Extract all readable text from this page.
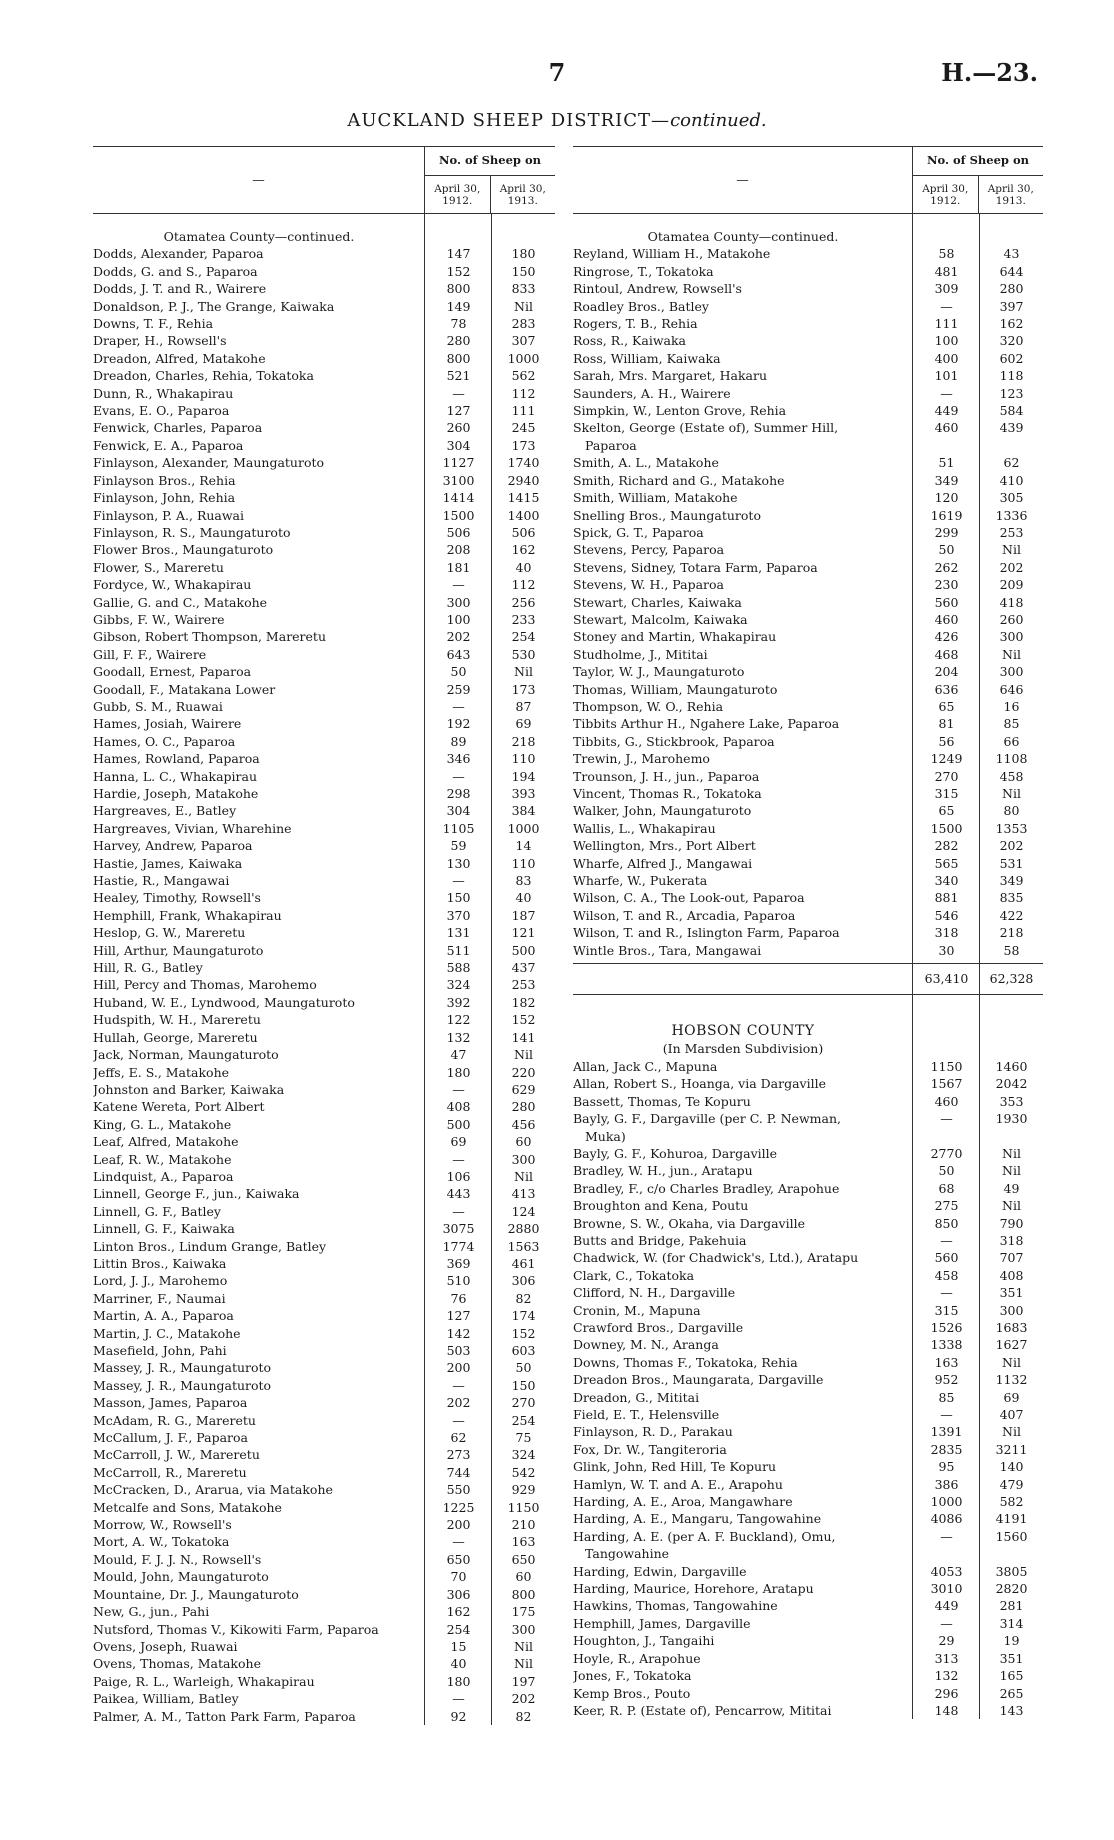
7	H.—23.
AUCKLAND SHEEP DISTRICT—continued.
—
No. of Sheep on
April 30, 1912.
April 30, 1913.
Otamatea County—continued.
Dodds, Alexander, Paparoa	147	180
Dodds, G. and S., Paparoa	152	150
Dodds, J. T. and R., Wairere	800	833
Donaldson, P. J., The Grange, Kaiwaka	149	Nil
Downs, T. F., Rehia	78	283
Draper, H., Rowsell's	280	307
Dreadon, Alfred, Matakohe	800	1000
Dreadon, Charles, Rehia, Tokatoka	521	562
Dunn, R., Whakapirau	—	112
Evans, E. O., Paparoa	127	111
Fenwick, Charles, Paparoa	260	245
Fenwick, E. A., Paparoa	304	173
Finlayson, Alexander, Maungaturoto	1127	1740
Finlayson Bros., Rehia	3100	2940
Finlayson, John, Rehia	1414	1415
Finlayson, P. A., Ruawai	1500	1400
Finlayson, R. S., Maungaturoto	506	506
Flower Bros., Maungaturoto	208	162
Flower, S., Mareretu	181	40
Fordyce, W., Whakapirau	—	112
Gallie, G. and C., Matakohe	300	256
Gibbs, F. W., Wairere	100	233
Gibson, Robert Thompson, Mareretu	202	254
Gill, F. F., Wairere	643	530
Goodall, Ernest, Paparoa	50	Nil
Goodall, F., Matakana Lower	259	173
Gubb, S. M., Ruawai	—	87
Hames, Josiah, Wairere	192	69
Hames, O. C., Paparoa	89	218
Hames, Rowland, Paparoa	346	110
Hanna, L. C., Whakapirau	—	194
Hardie, Joseph, Matakohe	298	393
Hargreaves, E., Batley	304	384
Hargreaves, Vivian, Wharehine	1105	1000
Harvey, Andrew, Paparoa	59	14
Hastie, James, Kaiwaka	130	110
Hastie, R., Mangawai	—	83
Healey, Timothy, Rowsell's	150	40
Hemphill, Frank, Whakapirau	370	187
Heslop, G. W., Mareretu	131	121
Hill, Arthur, Maungaturoto	511	500
Hill, R. G., Batley	588	437
Hill, Percy and Thomas, Marohemo	324	253
Huband, W. E., Lyndwood, Maungaturoto	392	182
Hudspith, W. H., Mareretu	122	152
Hullah, George, Mareretu	132	141
Jack, Norman, Maungaturoto	47	Nil
Jeffs, E. S., Matakohe	180	220
Johnston and Barker, Kaiwaka	—	629
Katene Wereta, Port Albert	408	280
King, G. L., Matakohe	500	456
Leaf, Alfred, Matakohe	69	60
Leaf, R. W., Matakohe	—	300
Lindquist, A., Paparoa	106	Nil
Linnell, George F., jun., Kaiwaka	443	413
Linnell, G. F., Batley	—	124
Linnell, G. F., Kaiwaka	3075	2880
Linton Bros., Lindum Grange, Batley	1774	1563
Littin Bros., Kaiwaka	369	461
Lord, J. J., Marohemo	510	306
Marriner, F., Naumai	76	82
Martin, A. A., Paparoa	127	174
Martin, J. C., Matakohe	142	152
Masefield, John, Pahi	503	603
Massey, J. R., Maungaturoto	200	50
Massey, J. R., Maungaturoto	—	150
Masson, James, Paparoa	202	270
McAdam, R. G., Mareretu	—	254
McCallum, J. F., Paparoa	62	75
McCarroll, J. W., Mareretu	273	324
McCarroll, R., Mareretu	744	542
McCracken, D., Ararua, via Matakohe	550	929
Metcalfe and Sons, Matakohe	1225	1150
Morrow, W., Rowsell's	200	210
Mort, A. W., Tokatoka	—	163
Mould, F. J. J. N., Rowsell's	650	650
Mould, John, Maungaturoto	70	60
Mountaine, Dr. J., Maungaturoto	306	800
New, G., jun., Pahi	162	175
Nutsford, Thomas V., Kikowiti Farm, Paparoa	254	300
Ovens, Joseph, Ruawai	15	Nil
Ovens, Thomas, Matakohe	40	Nil
Paige, R. L., Warleigh, Whakapirau	180	197
Paikea, William, Batley	—	202
Palmer, A. M., Tatton Park Farm, Paparoa	92	82
—
No. of Sheep on
April 30, 1912.
April 30, 1913.
Otamatea County—continued.
Reyland, William H., Matakohe	58	43
Ringrose, T., Tokatoka	481	644
Rintoul, Andrew, Rowsell's	309	280
Roadley Bros., Batley	—	397
Rogers, T. B., Rehia	111	162
Ross, R., Kaiwaka	100	320
Ross, William, Kaiwaka	400	602
Sarah, Mrs. Margaret, Hakaru	101	118
Saunders, A. H., Wairere	—	123
Simpkin, W., Lenton Grove, Rehia	449	584
Skelton, George (Estate of), Summer Hill,	460	439
Paparoa
Smith, A. L., Matakohe	51	62
Smith, Richard and G., Matakohe	349	410
Smith, William, Matakohe	120	305
Snelling Bros., Maungaturoto	1619	1336
Spick, G. T., Paparoa	299	253
Stevens, Percy, Paparoa	50	Nil
Stevens, Sidney, Totara Farm, Paparoa	262	202
Stevens, W. H., Paparoa	230	209
Stewart, Charles, Kaiwaka	560	418
Stewart, Malcolm, Kaiwaka	460	260
Stoney and Martin, Whakapirau	426	300
Studholme, J., Mititai	468	Nil
Taylor, W. J., Maungaturoto	204	300
Thomas, William, Maungaturoto	636	646
Thompson, W. O., Rehia	65	16
Tibbits Arthur H., Ngahere Lake, Paparoa	81	85
Tibbits, G., Stickbrook, Paparoa	56	66
Trewin, J., Marohemo	1249	1108
Trounson, J. H., jun., Paparoa	270	458
Vincent, Thomas R., Tokatoka	315	Nil
Walker, John, Maungaturoto	65	80
Wallis, L., Whakapirau	1500	1353
Wellington, Mrs., Port Albert	282	202
Wharfe, Alfred J., Mangawai	565	531
Wharfe, W., Pukerata	340	349
Wilson, C. A., The Look-out, Paparoa	881	835
Wilson, T. and R., Arcadia, Paparoa	546	422
Wilson, T. and R., Islington Farm, Paparoa	318	218
Wintle Bros., Tara, Mangawai	30	58
63,410	62,328
HOBSON COUNTY
(In Marsden Subdivision)
Allan, Jack C., Mapuna	1150	1460
Allan, Robert S., Hoanga, via Dargaville	1567	2042
Bassett, Thomas, Te Kopuru	460	353
Bayly, G. F., Dargaville (per C. P. Newman,	—	1930
Muka)
Bayly, G. F., Kohuroa, Dargaville	2770	Nil
Bradley, W. H., jun., Aratapu	50	Nil
Bradley, F., c/o Charles Bradley, Arapohue	68	49
Broughton and Kena, Poutu	275	Nil
Browne, S. W., Okaha, via Dargaville	850	790
Butts and Bridge, Pakehuia	—	318
Chadwick, W. (for Chadwick's, Ltd.), Aratapu	560	707
Clark, C., Tokatoka	458	408
Clifford, N. H., Dargaville	—	351
Cronin, M., Mapuna	315	300
Crawford Bros., Dargaville	1526	1683
Downey, M. N., Aranga	1338	1627
Downs, Thomas F., Tokatoka, Rehia	163	Nil
Dreadon Bros., Maungarata, Dargaville	952	1132
Dreadon, G., Mititai	85	69
Field, E. T., Helensville	—	407
Finlayson, R. D., Parakau	1391	Nil
Fox, Dr. W., Tangiteroria	2835	3211
Glink, John, Red Hill, Te Kopuru	95	140
Hamlyn, W. T. and A. E., Arapohu	386	479
Harding, A. E., Aroa, Mangawhare	1000	582
Harding, A. E., Mangaru, Tangowahine	4086	4191
Harding, A. E. (per A. F. Buckland), Omu,	—	1560
Tangowahine
Harding, Edwin, Dargaville	4053	3805
Harding, Maurice, Horehore, Aratapu	3010	2820
Hawkins, Thomas, Tangowahine	449	281
Hemphill, James, Dargaville	—	314
Houghton, J., Tangaihi	29	19
Hoyle, R., Arapohue	313	351
Jones, F., Tokatoka	132	165
Kemp Bros., Pouto	296	265
Keer, R. P. (Estate of), Pencarrow, Mititai	148	143
